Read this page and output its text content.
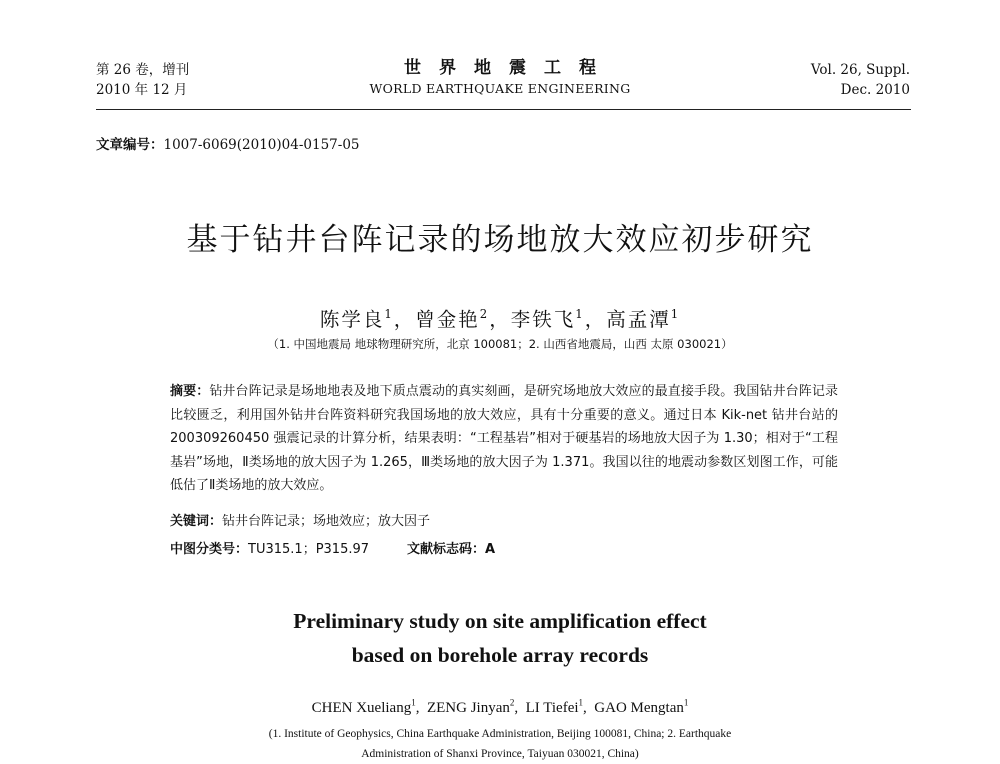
第 26 卷，增刊
2010 年 12 月
世界地震工程
WORLD EARTHQUAKE ENGINEERING
Vol. 26, Suppl.
Dec. 2010
文章编号：1007-6069(2010)04-0157-05
基于钻井台阵记录的场地放大效应初步研究
陈学良$^1$，曾金艳$^2$，李铁飞$^1$，高孟潭$^1$
（1. 中国地震局 地球物理研究所，北京 100081；2. 山西省地震局，山西 太原 030021）
摘要：钻井台阵记录是场地地表及地下质点震动的真实刻画，是研究场地放大效应的最直接手段。我国钻井台阵记录比较匮乏，利用国外钻井台阵资料研究我国场地的放大效应，具有十分重要的意义。通过日本 Kik-net 钻井台站的 200309260450 强震记录的计算分析，结果表明：“工程基岩”相对于硬基岩的场地放大因子为 1.30；相对于“工程基岩”场地，Ⅱ类场地的放大因子为 1.265，Ⅲ类场地的放大因子为 1.371。我国以往的地震动参数区划图工作，可能低估了Ⅱ类场地的放大效应。
关键词：钻井台阵记录；场地效应；放大因子
中图分类号：TU315.1；P315.97	文献标志码：A
Preliminary study on site amplification effect
based on borehole array records
CHEN Xueliang$^1$,  ZENG Jinyan$^2$,  LI Tiefei$^1$,  GAO Mengtan$^1$
(1. Institute of Geophysics, China Earthquake Administration, Beijing 100081, China; 2. Earthquake
Administration of Shanxi Province, Taiyuan 030021, China)
